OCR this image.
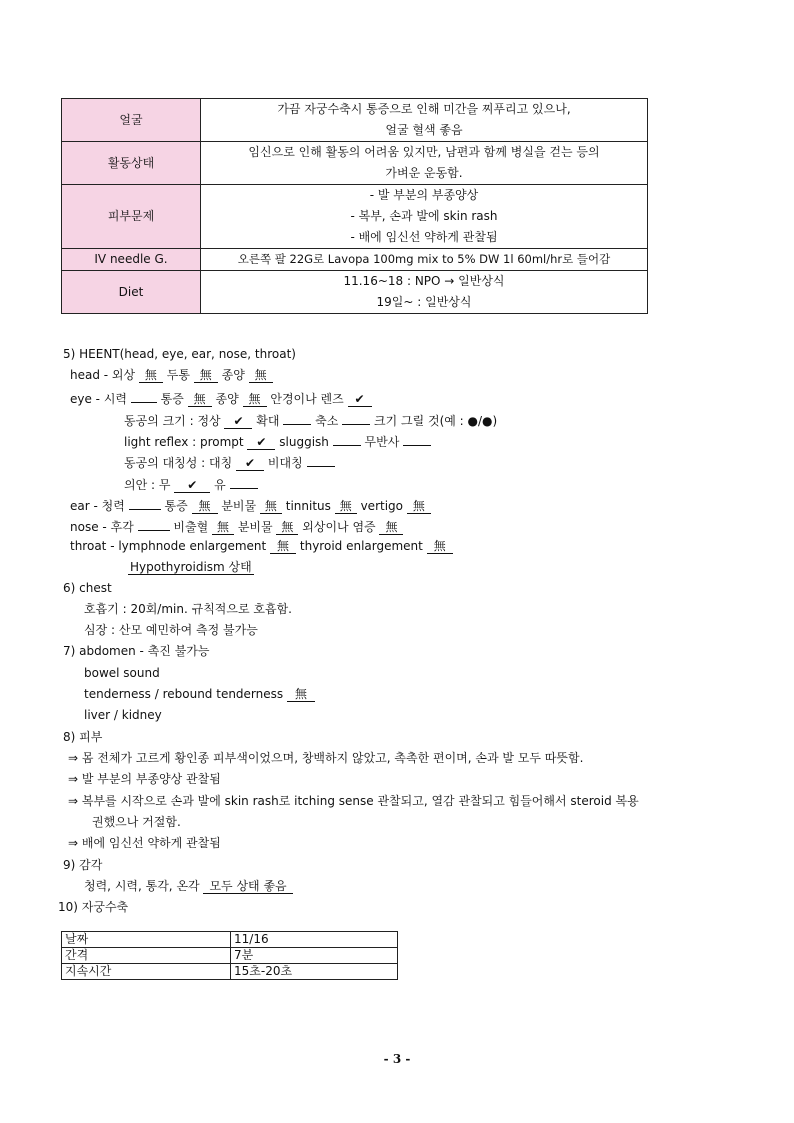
얼굴	가끔 자궁수축시 통증으로 인해 미간을 찌푸리고 있으나,
얼굴 혈색 좋음

활동상태	임신으로 인해 활동의 어려움 있지만, 남편과 함께 병실을 걷는 등의
가벼운 운동함.

피부문제	- 발 부분의 부종양상
- 복부, 손과 발에 skin rash
- 배에 임신선 약하게 관찰됨

IV needle G.	오른쪽 팔 22G로 Lavopa 100mg mix to 5% DW 1l 60ml/hr로 들어감

Diet	11.16~18 : NPO → 일반상식
19일~ : 일반상식
5) HEENT(head, eye, ear, nose, throat)
head - 외상 無 두통 無 종양 無
eye - 시력	통증 無 종양 無 안경이나 렌즈 ✔
동공의 크기 : 정상 ✔ 확대	축소	크기 그릴 것(예 : ●/●)
light reflex : prompt ✔ sluggish	무반사
동공의 대칭성 : 대칭 ✔ 비대칭
의안 : 무 ✔ 유
ear - 청력	통증 無 분비물 無 tinnitus 無 vertigo 無
nose - 후각	비출혈 無 분비물 無 외상이나 염증 無
throat - lymphnode enlargement 無 thyroid enlargement 無
Hypothyroidism 상태
6) chest
호흡기 : 20회/min. 규칙적으로 호흡함.
심장 : 산모 예민하여 측정 불가능
7) abdomen - 촉진 불가능
bowel sound
tenderness / rebound tenderness 無
liver / kidney
8) 피부
⇒ 몸 전체가 고르게 황인종 피부색이었으며, 창백하지 않았고, 촉촉한 편이며, 손과 발 모두 따뜻함.
⇒ 발 부분의 부종양상 관찰됨
⇒ 복부를 시작으로 손과 발에 skin rash로 itching sense 관찰되고, 열감 관찰되고 힘들어해서 steroid 복용
권했으나 거절함.
⇒ 배에 임신선 약하게 관찰됨
9) 감각
청력, 시력, 통각, 온각 모두 상태 좋음
10) 자궁수축
날짜	11/16
간격	7분
지속시간	15초-20초
- 3 -
